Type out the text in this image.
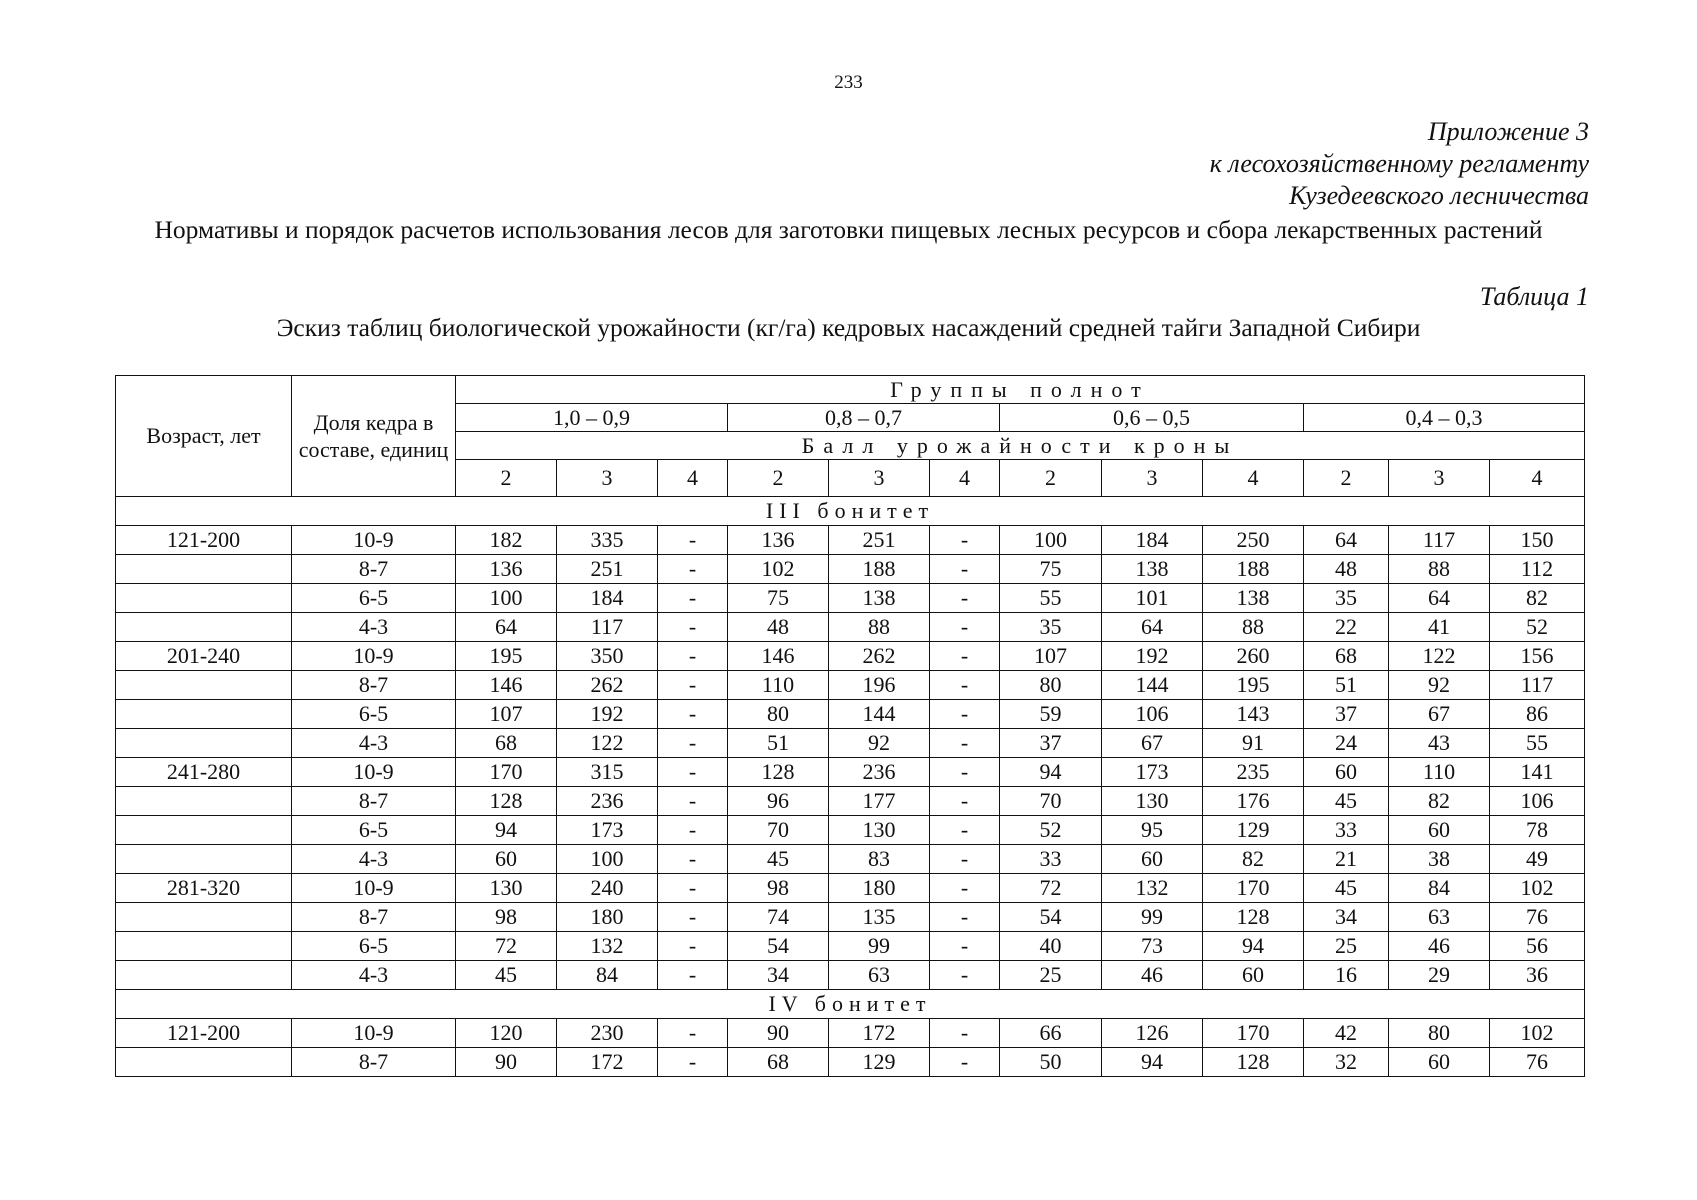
233
Приложение 3
к лесохозяйственному регламенту
Кузедеевского лесничества
Нормативы и порядок расчетов использования лесов для заготовки пищевых лесных ресурсов и сбора лекарственных растений
Таблица 1
Эскиз таблиц биологической урожайности (кг/га) кедровых насаждений средней тайги Западной Сибири
Возраст, лет	Доля кедра в составе, единиц	Группы полнот											
		1,0 – 0,9			0,8 – 0,7			0,6 – 0,5			0,4 – 0,3		
		Балл урожайности кроны											
		2	3	4	2	3	4	2	3	4	2	3	4
III бонитет													
121-200	10-9	182	335	-	136	251	-	100	184	250	64	117	150
	8-7	136	251	-	102	188	-	75	138	188	48	88	112
	6-5	100	184	-	75	138	-	55	101	138	35	64	82
	4-3	64	117	-	48	88	-	35	64	88	22	41	52
201-240	10-9	195	350	-	146	262	-	107	192	260	68	122	156
	8-7	146	262	-	110	196	-	80	144	195	51	92	117
	6-5	107	192	-	80	144	-	59	106	143	37	67	86
	4-3	68	122	-	51	92	-	37	67	91	24	43	55
241-280	10-9	170	315	-	128	236	-	94	173	235	60	110	141
	8-7	128	236	-	96	177	-	70	130	176	45	82	106
	6-5	94	173	-	70	130	-	52	95	129	33	60	78
	4-3	60	100	-	45	83	-	33	60	82	21	38	49
281-320	10-9	130	240	-	98	180	-	72	132	170	45	84	102
	8-7	98	180	-	74	135	-	54	99	128	34	63	76
	6-5	72	132	-	54	99	-	40	73	94	25	46	56
	4-3	45	84	-	34	63	-	25	46	60	16	29	36
IV бонитет													
121-200	10-9	120	230	-	90	172	-	66	126	170	42	80	102
	8-7	90	172	-	68	129	-	50	94	128	32	60	76
